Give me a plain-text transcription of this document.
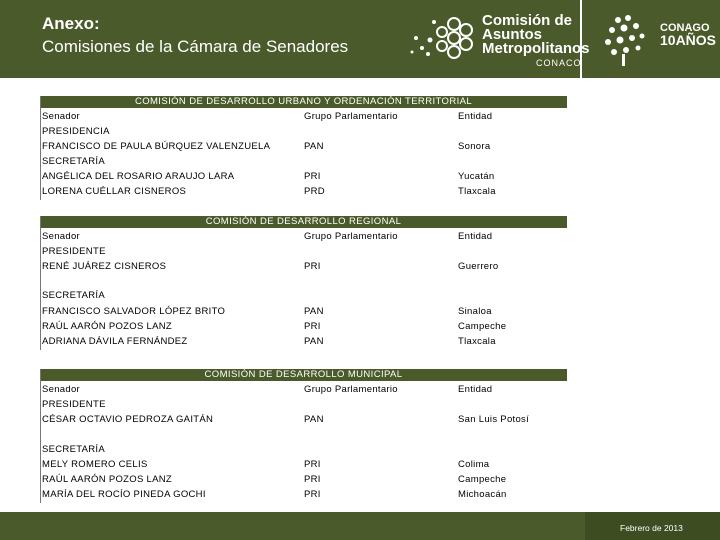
Anexo:
Comisiones de la Cámara de Senadores
Comisión de
Asuntos
Metropolitanos
CONACO
CONAGO
10AÑOS
COMISIÓN DE DESARROLLO URBANO Y ORDENACIÓN TERRITORIAL
Senador	Grupo Parlamentario	Entidad
PRESIDENCIA
FRANCISCO DE PAULA BÚRQUEZ VALENZUELA	PAN	Sonora
SECRETARÍA
ANGÉLICA DEL ROSARIO ARAUJO LARA	PRI	Yucatán
LORENA CUÉLLAR CISNEROS	PRD	Tlaxcala
COMISIÓN DE DESARROLLO REGIONAL
Senador	Grupo Parlamentario	Entidad
PRESIDENTE
RENÉ JUÁREZ CISNEROS	PRI	Guerrero
SECRETARÍA
FRANCISCO SALVADOR LÓPEZ BRITO	PAN	Sinaloa
RAÚL AARÓN POZOS LANZ	PRI	Campeche
ADRIANA DÁVILA FERNÁNDEZ	PAN	Tlaxcala
COMISIÓN DE DESARROLLO MUNICIPAL
Senador	Grupo Parlamentario	Entidad
PRESIDENTE
CÉSAR OCTAVIO PEDROZA GAITÁN	PAN	San Luis Potosí
SECRETARÍA
MELY ROMERO CELIS	PRI	Colima
RAÚL AARÓN POZOS LANZ	PRI	Campeche
MARÍA DEL ROCÍO PINEDA GOCHI	PRI	Michoacán
Febrero de 2013
